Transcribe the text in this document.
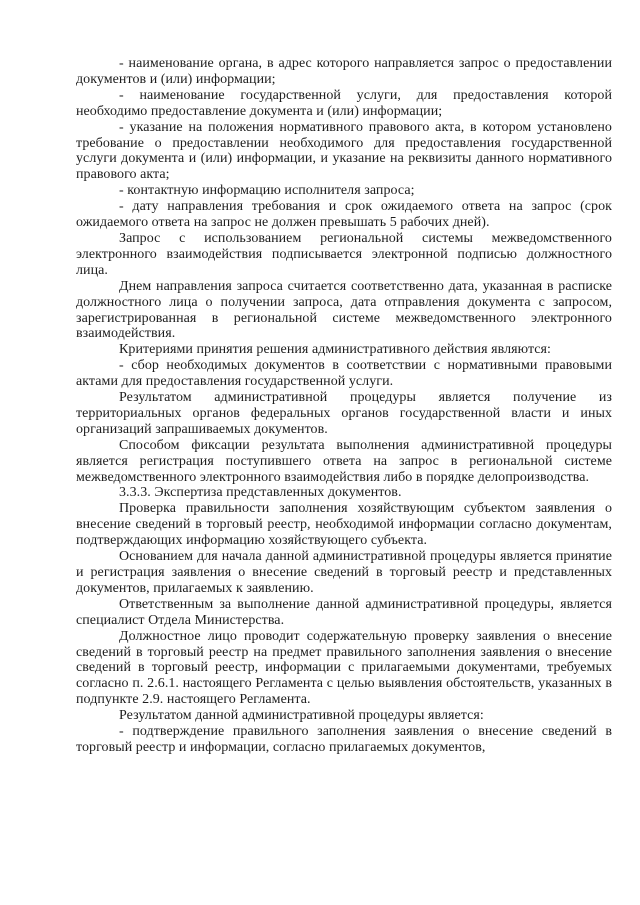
- наименование органа, в адрес которого направляется запрос о предоставлении документов и (или) информации;

- наименование государственной услуги, для предоставления которой необходимо предоставление документа и (или) информации;

- указание на положения нормативного правового акта, в котором установлено требование о предоставлении необходимого для предоставления государственной услуги документа и (или) информации, и указание на реквизиты данного нормативного правового акта;

- контактную информацию исполнителя запроса;

- дату направления требования и срок ожидаемого ответа на запрос (срок ожидаемого ответа на запрос не должен превышать 5 рабочих дней).

Запрос с использованием региональной системы межведомственного электронного взаимодействия подписывается электронной подписью должностного лица.

Днем направления запроса считается соответственно дата, указанная в расписке должностного лица о получении запроса, дата отправления документа с запросом, зарегистрированная в региональной системе межведомственного электронного взаимодействия.

Критериями принятия решения административного действия являются:

- сбор необходимых документов в соответствии с нормативными правовыми актами для предоставления государственной услуги.

Результатом административной процедуры является получение из территориальных органов федеральных органов государственной власти и иных организаций запрашиваемых документов.

Способом фиксации результата выполнения административной процедуры является регистрация поступившего ответа на запрос в региональной системе межведомственного электронного взаимодействия либо в порядке делопроизводства.

3.3.3. Экспертиза представленных документов.

Проверка правильности заполнения хозяйствующим субъектом заявления о внесение сведений в торговый реестр, необходимой информации согласно документам, подтверждающих информацию хозяйствующего субъекта.

Основанием для начала данной административной процедуры является принятие и регистрация заявления о внесение сведений в торговый реестр и представленных документов, прилагаемых к заявлению.

Ответственным за выполнение данной административной процедуры, является специалист Отдела Министерства.

Должностное лицо проводит содержательную проверку заявления о внесение сведений в торговый реестр на предмет правильного заполнения заявления о внесение сведений в торговый реестр, информации с прилагаемыми документами, требуемых согласно п. 2.6.1. настоящего Регламента с целью выявления обстоятельств, указанных в подпункте 2.9. настоящего Регламента.

Результатом данной административной процедуры является:

- подтверждение правильного заполнения заявления о внесение сведений в торговый реестр и информации, согласно прилагаемых документов,
